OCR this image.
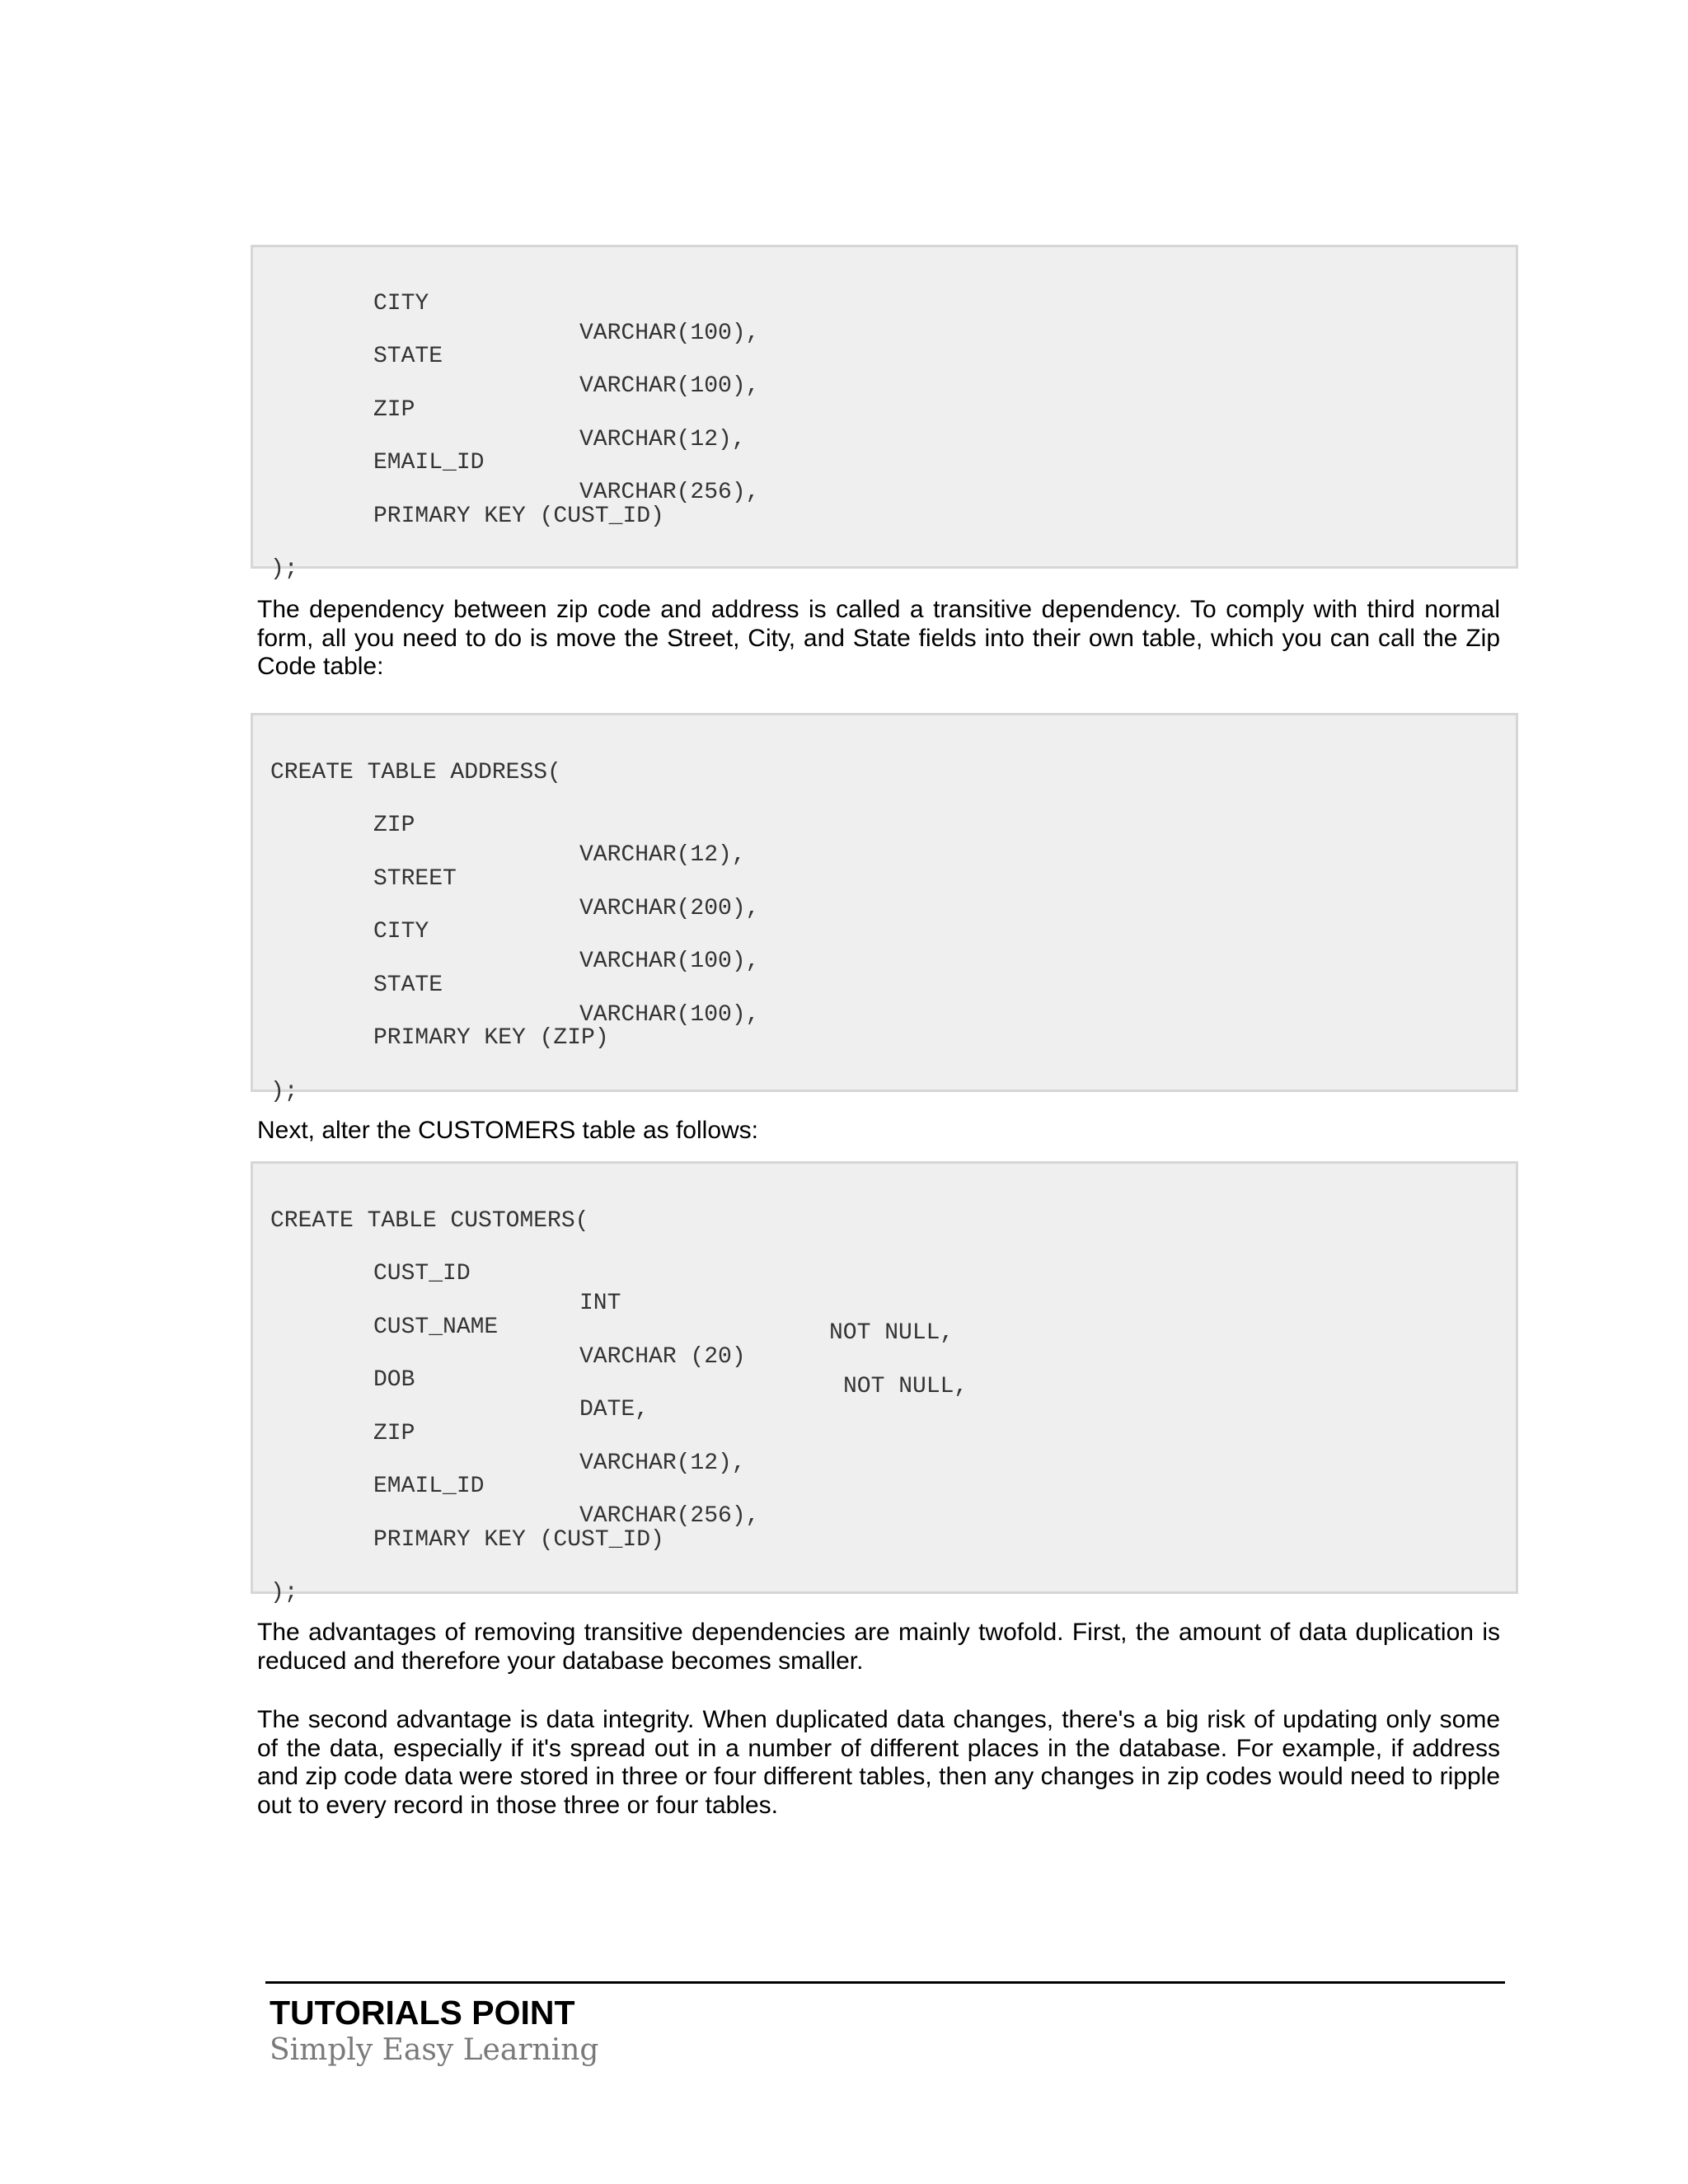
CITY

VARCHAR(100),

STATE

VARCHAR(100),

ZIP

VARCHAR(12),

EMAIL_ID

VARCHAR(256),

PRIMARY KEY (CUST_ID)

);

The dependency between zip code and address is called a transitive dependency. To comply with third normal form, all you need to do is move the Street, City, and State fields into their own table, which you can call the Zip Code table:

CREATE TABLE ADDRESS(

ZIP

VARCHAR(12),

STREET

VARCHAR(200),

CITY

VARCHAR(100),

STATE

VARCHAR(100),

PRIMARY KEY (ZIP)

);

Next, alter the CUSTOMERS table as follows:

CREATE TABLE CUSTOMERS(

CUST_ID

INT

NOT NULL,

CUST_NAME

VARCHAR (20)

NOT NULL,

DOB

DATE,

ZIP

VARCHAR(12),

EMAIL_ID

VARCHAR(256),

PRIMARY KEY (CUST_ID)

);

The advantages of removing transitive dependencies are mainly twofold. First, the amount of data duplication is reduced and therefore your database becomes smaller.
The second advantage is data integrity. When duplicated data changes, there's a big risk of updating only some of the data, especially if it's spread out in a number of different places in the database. For example, if address and zip code data were stored in three or four different tables, then any changes in zip codes would need to ripple out to every record in those three or four tables.
TUTORIALS POINT
Simply Easy Learning
